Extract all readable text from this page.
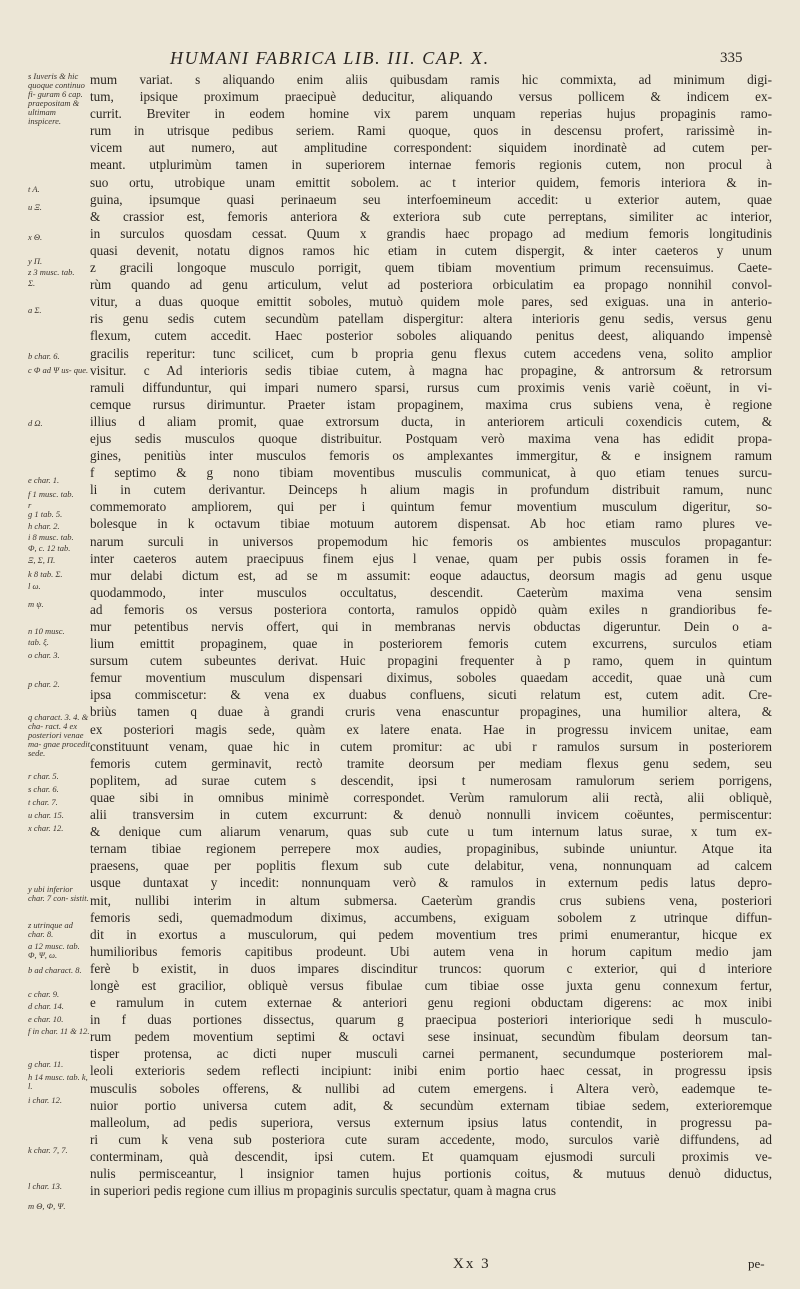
HUMANI FABRICA LIB. III. CAP. X.	335
s Iuveris & hic quoque continuo fi- guram 6 cap. praepositam & ultimam inspicere.
t A.
u Ξ.
x Θ.
y Π.
z 3 musc. tab.
Σ.
a Σ.
b char. 6.
c Φ ad Ψ us- que.
d Ω.
e char. 1.
f 1 musc. tab.
r
g 1 tab. 5.
h char. 2.
i 8 musc. tab.
Φ, c. 12 tab.
Ξ, Σ, Π.
k 8 tab. Σ.
l ω.
m ψ.
n 10 musc.
tab. ξ.
o char. 3.
p char. 2.
q charact. 3. 4. & cha- ract. 4 ex posteriori venae ma- gnae procedit sede.
r char. 5.
s char. 6.
t char. 7.
u char. 15.
x char. 12.
y ubi inferior char. 7 con- sistit.
z utrinque ad char. 8.
a 12 musc. tab. Φ, Ψ, ω.
b ad charact. 8.
c char. 9.
d char. 14.
e char. 10.
f in char. 11 & 12.
g char. 11.
h 14 musc. tab. k, l.
i char. 12.
k char. 7, 7.
l char. 13.
m Θ, Φ, Ψ.
mum variat. s aliquando enim aliis quibusdam ramis hic commixta, ad minimum digi-
tum, ipsique proximum praecipuè deducitur, aliquando versus pollicem & indicem ex-
currit. Breviter in eodem homine vix parem unquam reperias hujus propaginis ramo-
rum in utrisque pedibus seriem. Rami quoque, quos in descensu profert, rarissimè in-
vicem aut numero, aut amplitudine correspondent: siquidem inordinatè ad cutem per-
meant. utplurimùm tamen in superiorem internae femoris regionis cutem, non procul à
suo ortu, utrobique unam emittit sobolem. ac t interior quidem, femoris interiora & in-
guina, ipsumque quasi perinaeum seu interfoemineum accedit: u exterior autem, quae
& crassior est, femoris anteriora & exteriora sub cute perreptans, similiter ac interior,
in surculos quosdam cessat. Quum x grandis haec propago ad medium femoris longitudinis
quasi devenit, notatu dignos ramos hic etiam in cutem dispergit, & inter caeteros y unum
z gracili longoque musculo porrigit, quem tibiam moventium primum recensuimus. Caete-
rùm quando ad genu articulum, velut ad posteriora orbiculatim ea propago nonnihil convol-
vitur, a duas quoque emittit soboles, mutuò quidem mole pares, sed exiguas. una in anterio-
ris genu sedis cutem secundùm patellam dispergitur: altera interioris genu sedis, versus genu
flexum, cutem accedit. Haec posterior soboles aliquando penitus deest, aliquando impensè
gracilis reperitur: tunc scilicet, cum b propria genu flexus cutem accedens vena, solito amplior
visitur. c Ad interioris sedis tibiae cutem, à magna hac propagine, & antrorsum & retrorsum
ramuli diffunduntur, qui impari numero sparsi, rursus cum proximis venis variè coëunt, in vi-
cemque rursus dirimuntur. Praeter istam propaginem, maxima crus subiens vena, è regione
illius d aliam promit, quae extrorsum ducta, in anteriorem articuli coxendicis cutem, &
ejus sedis musculos quoque distribuitur. Postquam verò maxima vena has edidit propa-
gines, penitiùs inter musculos femoris os amplexantes immergitur, & e insignem ramum
f septimo & g nono tibiam moventibus musculis communicat, à quo etiam tenues surcu-
li in cutem derivantur. Deinceps h alium magis in profundum distribuit ramum, nunc
commemorato ampliorem, qui per i quintum femur moventium musculum digeritur, so-
bolesque in k octavum tibiae motuum autorem dispensat. Ab hoc etiam ramo plures ve-
narum surculi in universos propemodum hic femoris os ambientes musculos propagantur:
inter caeteros autem praecipuus finem ejus l venae, quam per pubis ossis foramen in fe-
mur delabi dictum est, ad se m assumit: eoque adauctus, deorsum magis ad genu usque
quodammodo, inter musculos occultatus, descendit. Caeterùm maxima vena sensim
ad femoris os versus posteriora contorta, ramulos oppidò quàm exiles n grandioribus fe-
mur petentibus nervis offert, qui in membranas nervis obductas digeruntur. Dein o a-
lium emittit propaginem, quae in posteriorem femoris cutem excurrens, surculos etiam
sursum cutem subeuntes derivat. Huic propagini frequenter à p ramo, quem in quintum
femur moventium musculum dispensari diximus, soboles quaedam accedit, quae unà cum
ipsa commiscetur: & vena ex duabus confluens, sicuti relatum est, cutem adit. Cre-
briùs tamen q duae à grandi cruris vena enascuntur propagines, una humilior altera, &
ex posteriori magis sede, quàm ex latere enata. Hae in progressu invicem unitae, eam
constituunt venam, quae hic in cutem promitur: ac ubi r ramulos sursum in posteriorem
femoris cutem germinavit, rectò tramite deorsum per mediam flexus genu sedem, seu
poplitem, ad surae cutem s descendit, ipsi t numerosam ramulorum seriem porrigens,
quae sibi in omnibus minimè correspondet. Verùm ramulorum alii rectà, alii obliquè,
alii transversim in cutem excurrunt: & denuò nonnulli invicem coëuntes, permiscentur:
& denique cum aliarum venarum, quas sub cute u tum internum latus surae, x tum ex-
ternam tibiae regionem perrepere mox audies, propaginibus, subinde uniuntur. Atque ita
praesens, quae per poplitis flexum sub cute delabitur, vena, nonnunquam ad calcem
usque duntaxat y incedit: nonnunquam verò & ramulos in externum pedis latus depro-
mit, nullibi interim in altum submersa. Caeterùm grandis crus subiens vena, posteriori
femoris sedi, quemadmodum diximus, accumbens, exiguam sobolem z utrinque diffun-
dit in exortus a musculorum, qui pedem moventium tres primi enumerantur, hicque ex
humilioribus femoris capitibus prodeunt. Ubi autem vena in horum capitum medio jam
ferè b existit, in duos impares discinditur truncos: quorum c exterior, qui d interiore
longè est gracilior, obliquè versus fibulae cum tibiae osse juxta genu connexum fertur,
e ramulum in cutem externae & anteriori genu regioni obductam digerens: ac mox inibi
in f duas portiones dissectus, quarum g praecipua posteriori interiorique sedi h musculo-
rum pedem moventium septimi & octavi sese insinuat, secundùm fibulam deorsum tan-
tisper protensa, ac dicti nuper musculi carnei permanent, secundumque posteriorem mal-
leoli exterioris sedem reflecti incipiunt: inibi enim portio haec cessat, in progressu ipsis
musculis soboles offerens, & nullibi ad cutem emergens. i Altera verò, eademque te-
nuior portio universa cutem adit, & secundùm externam tibiae sedem, exterioremque
malleolum, ad pedis superiora, versus externum ipsius latus contendit, in progressu pa-
ri cum k vena sub posteriora cute suram accedente, modo, surculos variè diffundens, ad
conterminam, quà descendit, ipsi cutem. Et quamquam ejusmodi surculi proximis ve-
nulis permisceantur, l insignior tamen hujus portionis coitus, & mutuus denuò diductus,
in superiori pedis regione cum illius m propaginis surculis spectatur, quam à magna crus
Xx 3	pe-
